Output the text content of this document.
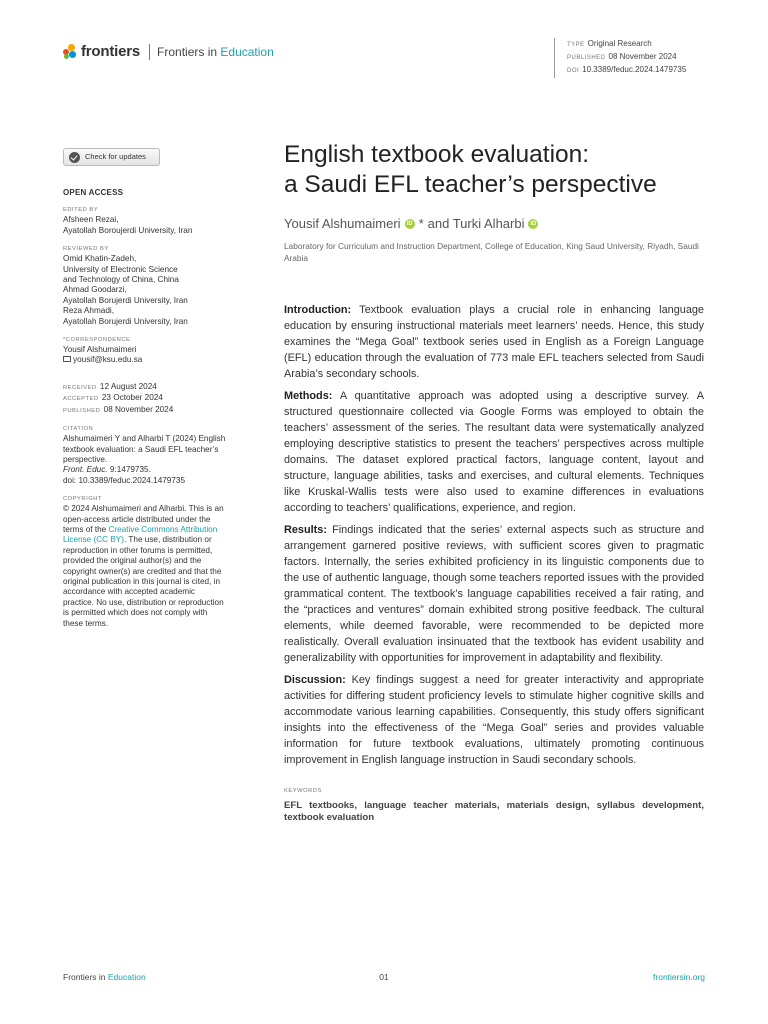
frontiers Frontiers in Education	TYPE Original Research
PUBLISHED 08 November 2024
DOI 10.3389/feduc.2024.1479735
Check for updates
OPEN ACCESS
EDITED BY
Afsheen Rezai,
Ayatollah Boroujerdi University, Iran
REVIEWED BY
Omid Khatin-Zadeh,
University of Electronic Science
and Technology of China, China
Ahmad Goodarzi,
Ayatollah Borujerdi University, Iran
Reza Ahmadi,
Ayatollah Borujerdi University, Iran
*CORRESPONDENCE
Yousif Alshumaimeri
yousif@ksu.edu.sa
RECEIVED 12 August 2024
ACCEPTED 23 October 2024
PUBLISHED 08 November 2024
CITATION
Alshumaimeri Y and Alharbi T (2024) English
textbook evaluation: a Saudi EFL teacher’s
perspective.
Front. Educ. 9:1479735.
doi: 10.3389/feduc.2024.1479735
COPYRIGHT
© 2024 Alshumaimeri and Alharbi. This is an
open-access article distributed under the
terms of the Creative Commons Attribution
License (CC BY). The use, distribution or
reproduction in other forums is permitted,
provided the original author(s) and the
copyright owner(s) are credited and that the
original publication in this journal is cited, in
accordance with accepted academic
practice. No use, distribution or reproduction
is permitted which does not comply with
these terms.
English textbook evaluation:
a Saudi EFL teacher’s perspective
Yousif Alshumaimeri	iD * and Turki Alharbi	iD
Laboratory for Curriculum and Instruction Department, College of Education, King Saud University, Riyadh, Saudi Arabia

Introduction: Textbook evaluation plays a crucial role in enhancing language education by ensuring instructional materials meet learners’ needs. Hence, this study examines the “Mega Goal” textbook series used in English as a Foreign Language (EFL) education through the evaluation of 773 male EFL teachers selected from Saudi Arabia’s secondary schools.

Methods: A quantitative approach was adopted using a descriptive survey. A structured questionnaire collected via Google Forms was employed to obtain the teachers’ assessment of the series. The resultant data were systematically analyzed employing descriptive statistics to present the teachers’ perspectives across multiple domains. The dataset explored practical factors, language content, layout and structure, language abilities, tasks and exercises, and cultural elements. Techniques like Kruskal-Wallis tests were also used to examine differences in evaluations according to teachers’ qualifications, experience, and region.

Results: Findings indicated that the series’ external aspects such as structure and arrangement garnered positive reviews, with sufficient scores given to pragmatic factors. Internally, the series exhibited proficiency in its linguistic components due to the use of authentic language, though some teachers reported issues with the provided grammatical content. The textbook’s language capabilities received a fair rating, and the “practices and ventures” domain exhibited strong positive feedback. The cultural elements, while deemed favorable, were recommended to be depicted more realistically. Overall evaluation insinuated that the textbook has evident usability and generalizability with opportunities for improvement in adaptability and flexibility.

Discussion: Key findings suggest a need for greater interactivity and appropriate activities for differing student proficiency levels to stimulate higher cognitive skills and accommodate various learning capabilities. Consequently, this study offers significant insights into the effectiveness of the “Mega Goal” series and provides valuable information for future textbook evaluations, ultimately promoting continuous improvement in English language instruction in Saudi secondary schools.

KEYWORDS
EFL textbooks, language teacher materials, materials design, syllabus development, textbook evaluation
Frontiers in Education	01	frontiersin.org
